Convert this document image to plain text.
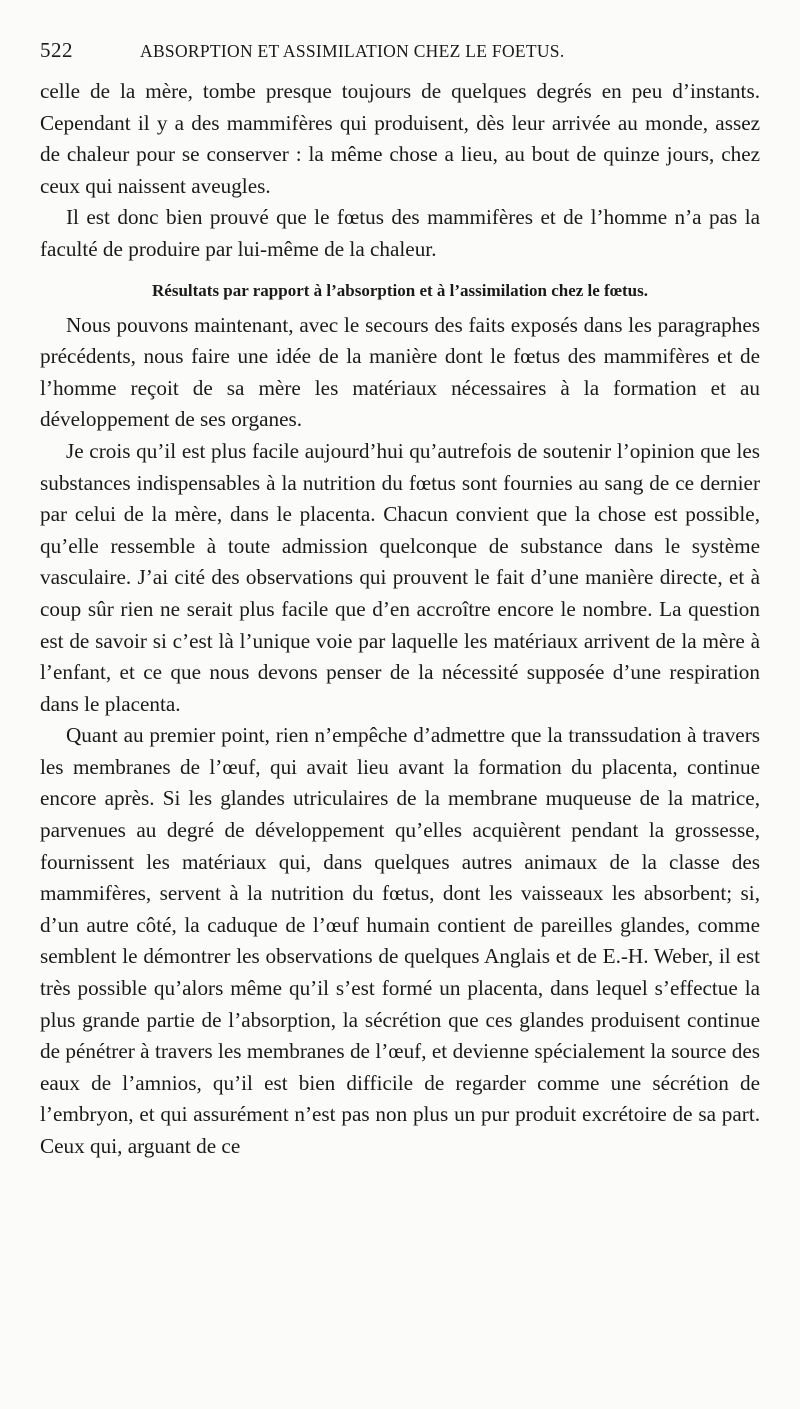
522	ABSORPTION ET ASSIMILATION CHEZ LE FOETUS.

celle de la mère, tombe presque toujours de quelques degrés en peu d’instants. Cependant il y a des mammifères qui produisent, dès leur arrivée au monde, assez de chaleur pour se conserver : la même chose a lieu, au bout de quinze jours, chez ceux qui naissent aveugles.

Il est donc bien prouvé que le fœtus des mammifères et de l’homme n’a pas la faculté de produire par lui-même de la chaleur.

Résultats par rapport à l’absorption et à l’assimilation chez le fœtus.

Nous pouvons maintenant, avec le secours des faits exposés dans les paragraphes précédents, nous faire une idée de la manière dont le fœtus des mammifères et de l’homme reçoit de sa mère les matériaux nécessaires à la formation et au développement de ses organes.

Je crois qu’il est plus facile aujourd’hui qu’autrefois de soutenir l’opinion que les substances indispensables à la nutrition du fœtus sont fournies au sang de ce dernier par celui de la mère, dans le placenta. Chacun convient que la chose est possible, qu’elle ressemble à toute admission quelconque de substance dans le système vasculaire. J’ai cité des observations qui prouvent le fait d’une manière directe, et à coup sûr rien ne serait plus facile que d’en accroître encore le nombre. La question est de savoir si c’est là l’unique voie par laquelle les matériaux arrivent de la mère à l’enfant, et ce que nous devons penser de la nécessité supposée d’une respiration dans le placenta.

Quant au premier point, rien n’empêche d’admettre que la transsudation à travers les membranes de l’œuf, qui avait lieu avant la formation du placenta, continue encore après. Si les glandes utriculaires de la membrane muqueuse de la matrice, parvenues au degré de développement qu’elles acquièrent pendant la grossesse, fournissent les matériaux qui, dans quelques autres animaux de la classe des mammifères, servent à la nutrition du fœtus, dont les vaisseaux les absorbent; si, d’un autre côté, la caduque de l’œuf humain contient de pareilles glandes, comme semblent le démontrer les observations de quelques Anglais et de E.-H. Weber, il est très possible qu’alors même qu’il s’est formé un placenta, dans lequel s’effectue la plus grande partie de l’absorption, la sécrétion que ces glandes produisent continue de pénétrer à travers les membranes de l’œuf, et devienne spécialement la source des eaux de l’amnios, qu’il est bien difficile de regarder comme une sécrétion de l’embryon, et qui assurément n’est pas non plus un pur produit excrétoire de sa part. Ceux qui, arguant de ce
